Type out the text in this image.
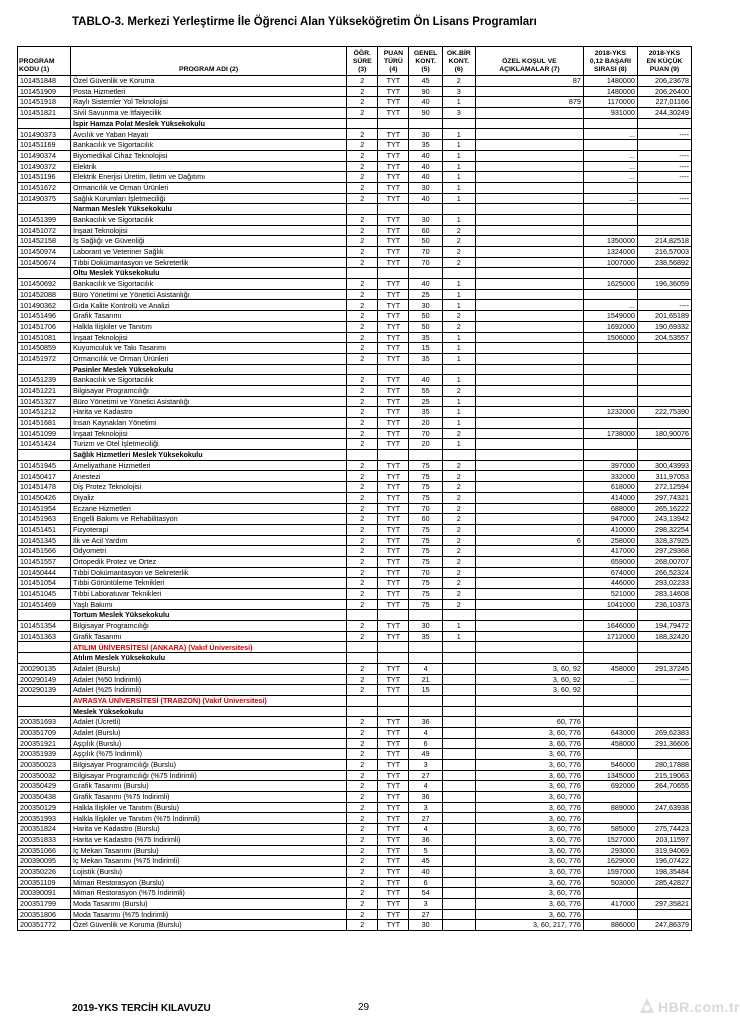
TABLO-3. Merkezi Yerleştirme İle Öğrenci Alan Yükseköğretim Ön Lisans Programları
PROGRAM
KODU (1)	PROGRAM ADI (2)	ÖĞR.
SÜRE
(3)	PUAN
TÜRÜ
(4)	GENEL
KONT.
(5)	OK.BİR
KONT.
(6)	ÖZEL KOŞUL VE
AÇIKLAMALAR (7)	2018-YKS
0,12 BAŞARI
SIRASI (8)	2018-YKS
EN KÜÇÜK
PUAN (9)
101451848	Özel Güvenlik ve Koruma	2	TYT	45	2	87	1480000	206,23678
101451909	Posta Hizmetleri	2	TYT	90	3		1480000	206,26400
101451918	Raylı Sistemler Yol Teknolojisi	2	TYT	40	1	879	1170000	227,01166
101451821	Sivil Savunma ve İtfaiyecilik	2	TYT	90	3		931000	244,30249
	İspir Hamza Polat Meslek Yüksekokulu							
101490373	Avcılık ve Yaban Hayatı	2	TYT	30	1		...	----
101451169	Bankacılık ve Sigortacılık	2	TYT	35	1			
101490374	Biyomedikal Cihaz Teknolojisi	2	TYT	40	1		...	----
101490372	Elektrik	2	TYT	40	1		...	----
101451196	Elektrik Enerjisi Üretim, İletim ve Dağıtımı	2	TYT	40	1		...	----
101451672	Ormancılık ve Orman Ürünleri	2	TYT	30	1			
101490375	Sağlık Kurumları İşletmeciliği	2	TYT	40	1		...	----
	Narman Meslek Yüksekokulu							
101451399	Bankacılık ve Sigortacılık	2	TYT	30	1			
101451072	İnşaat Teknolojisi	2	TYT	60	2			
101452158	İş Sağlığı ve Güvenliği	2	TYT	50	2		1350000	214,82518
101450974	Laborant ve Veteriner Sağlık	2	TYT	70	2		1324000	216,57003
101450674	Tıbbi Dokümantasyon ve Sekreterlik	2	TYT	70	2		1007000	238,56892
	Oltu Meslek Yüksekokulu							
101450692	Bankacılık ve Sigortacılık	2	TYT	40	1		1625000	196,36059
101452088	Büro Yönetimi ve Yönetici Asistanlığı	2	TYT	25	1			
101490362	Gıda Kalite Kontrolü ve Analizi	2	TYT	30	1		...	----
101451496	Grafik Tasarımı	2	TYT	50	2		1549000	201,65189
101451706	Halkla İlişkiler ve Tanıtım	2	TYT	50	2		1692000	190,69332
101451081	İnşaat Teknolojisi	2	TYT	35	1		1506000	204,53557
101450859	Kuyumculuk ve Takı Tasarımı	2	TYT	15	1			
101451972	Ormancılık ve Orman Ürünleri	2	TYT	35	1			
	Pasinler Meslek Yüksekokulu							
101451239	Bankacılık ve Sigortacılık	2	TYT	40	1			
101451221	Bilgisayar Programcılığı	2	TYT	55	2			
101451327	Büro Yönetimi ve Yönetici Asistanlığı	2	TYT	25	1			
101451212	Harita ve Kadastro	2	TYT	35	1		1232000	222,75390
101451681	İnsan Kaynakları Yönetimi	2	TYT	20	1			
101451099	İnşaat Teknolojisi	2	TYT	70	2		1738000	180,90076
101451424	Turizm ve Otel İşletmeciliği	2	TYT	20	1			
	Sağlık Hizmetleri Meslek Yüksekokulu							
101451945	Ameliyathane Hizmetleri	2	TYT	75	2		397000	300,43993
101450417	Anestezi	2	TYT	75	2		332000	311,97053
101451478	Diş Protez Teknolojisi	2	TYT	75	2		618000	272,12594
101450426	Diyaliz	2	TYT	75	2		414000	297,74321
101451954	Eczane Hizmetleri	2	TYT	70	2		688000	265,16222
101451963	Engelli Bakımı ve Rehabilitasyon	2	TYT	60	2		947000	243,13942
101451451	Fizyoterapi	2	TYT	75	2		410000	298,32254
101451345	İlk ve Acil Yardım	2	TYT	75	2	6	258000	328,37925
101451566	Odyometri	2	TYT	75	2		417000	297,29368
101451557	Ortopedik Protez ve Ortez	2	TYT	75	2		659000	268,00707
101450444	Tıbbi Dokümantasyon ve Sekreterlik	2	TYT	70	2		674000	266,52324
101451054	Tıbbi Görüntüleme Teknikleri	2	TYT	75	2		446000	293,02233
101451045	Tıbbi Laboratuvar Teknikleri	2	TYT	75	2		521000	283,14608
101451469	Yaşlı Bakımı	2	TYT	75	2		1041000	236,10373
	Tortum Meslek Yüksekokulu							
101451354	Bilgisayar Programcılığı	2	TYT	30	1		1646000	194,79472
101451363	Grafik Tasarımı	2	TYT	35	1		1712000	188,32420
	ATILIM ÜNİVERSİTESİ (ANKARA) (Vakıf Üniversitesi)							
	Atılım Meslek Yüksekokulu							
200290135	Adalet (Burslu)	2	TYT	4		3, 60, 92	458000	291,37245
200290149	Adalet (%50 İndirimli)	2	TYT	21		3, 60, 92	...	----
200290139	Adalet (%25 İndirimli)	2	TYT	15		3, 60, 92		
	AVRASYA ÜNİVERSİTESİ (TRABZON) (Vakıf Üniversitesi)							
	Meslek Yüksekokulu							
200351693	Adalet (Ücretli)	2	TYT	36		60, 776		
200351709	Adalet (Burslu)	2	TYT	4		3, 60, 776	643000	269,62383
200351921	Aşçılık (Burslu)	2	TYT	6		3, 60, 776	458000	291,36606
200351939	Aşçılık (%75 İndirimli)	2	TYT	49		3, 60, 776		
200350023	Bilgisayar Programcılığı (Burslu)	2	TYT	3		3, 60, 776	546000	280,17888
200350032	Bilgisayar Programcılığı (%75 İndirimli)	2	TYT	27		3, 60, 776	1345000	215,19063
200350429	Grafik Tasarımı (Burslu)	2	TYT	4		3, 60, 776	692000	264,70655
200350438	Grafik Tasarımı (%75 İndirimli)	2	TYT	36		3, 60, 776		
200350129	Halkla İlişkiler ve Tanıtım (Burslu)	2	TYT	3		3, 60, 776	889000	247,63938
200351993	Halkla İlişkiler ve Tanıtım (%75 İndirimli)	2	TYT	27		3, 60, 776		
200351824	Harita ve Kadastro (Burslu)	2	TYT	4		3, 60, 776	585000	275,74423
200351833	Harita ve Kadastro (%75 İndirimli)	2	TYT	36		3, 60, 776	1527000	203,11597
200351066	İç Mekan Tasarımı (Burslu)	2	TYT	5		3, 60, 776	293000	319,94069
200390095	İç Mekan Tasarımı (%75 İndirimli)	2	TYT	45		3, 60, 776	1629000	196,07422
200350226	Lojistik (Burslu)	2	TYT	40		3, 60, 776	1597000	198,35484
200351109	Mimari Restorasyon (Burslu)	2	TYT	6		3, 60, 776	503000	285,42827
200390091	Mimari Restorasyon (%75 İndirimli)	2	TYT	54		3, 60, 776		
200351799	Moda Tasarımı (Burslu)	2	TYT	3		3, 60, 776	417000	297,35821
200351806	Moda Tasarımı (%75 İndirimli)	2	TYT	27		3, 60, 776		
200351772	Özel Güvenlik ve Koruma (Burslu)	2	TYT	30		3, 60, 217, 776	886000	247,86379
2019-YKS TERCİH KILAVUZU	29	HBR.com.tr
